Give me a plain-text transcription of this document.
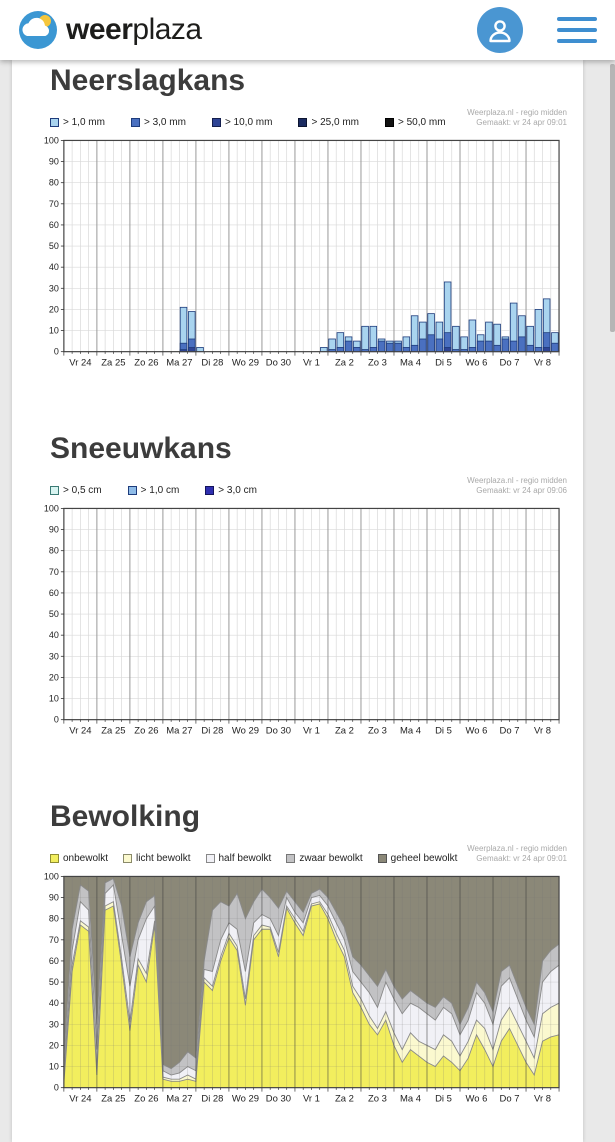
weerplaza
Neerslagkans
> 1,0 mm	> 3,0 mm	> 10,0 mm	> 25,0 mm	> 50,0 mm
Weerplaza.nl - regio midden
Gemaakt: vr 24 apr 09:01
0
10
20
30
40
50
60
70
80
90
100
Vr 24 Za 25 Zo 26 Ma 27 Di 28 Wo 29 Do 30 Vr 1 Za 2 Zo 3 Ma 4 Di 5 Wo 6 Do 7 Vr 8
Sneeuwkans
> 0,5 cm	> 1,0 cm	> 3,0 cm
Weerplaza.nl - regio midden
Gemaakt: vr 24 apr 09:06
0
10
20
30
40
50
60
70
80
90
100
Vr 24 Za 25 Zo 26 Ma 27 Di 28 Wo 29 Do 30 Vr 1 Za 2 Zo 3 Ma 4 Di 5 Wo 6 Do 7 Vr 8
Bewolking
onbewolkt	licht bewolkt	half bewolkt	zwaar bewolkt	geheel bewolkt
Weerplaza.nl - regio midden
Gemaakt: vr 24 apr 09:01
0
10
20
30
40
50
60
70
80
90
100
Vr 24 Za 25 Zo 26 Ma 27 Di 28 Wo 29 Do 30 Vr 1 Za 2 Zo 3 Ma 4 Di 5 Wo 6 Do 7 Vr 8
